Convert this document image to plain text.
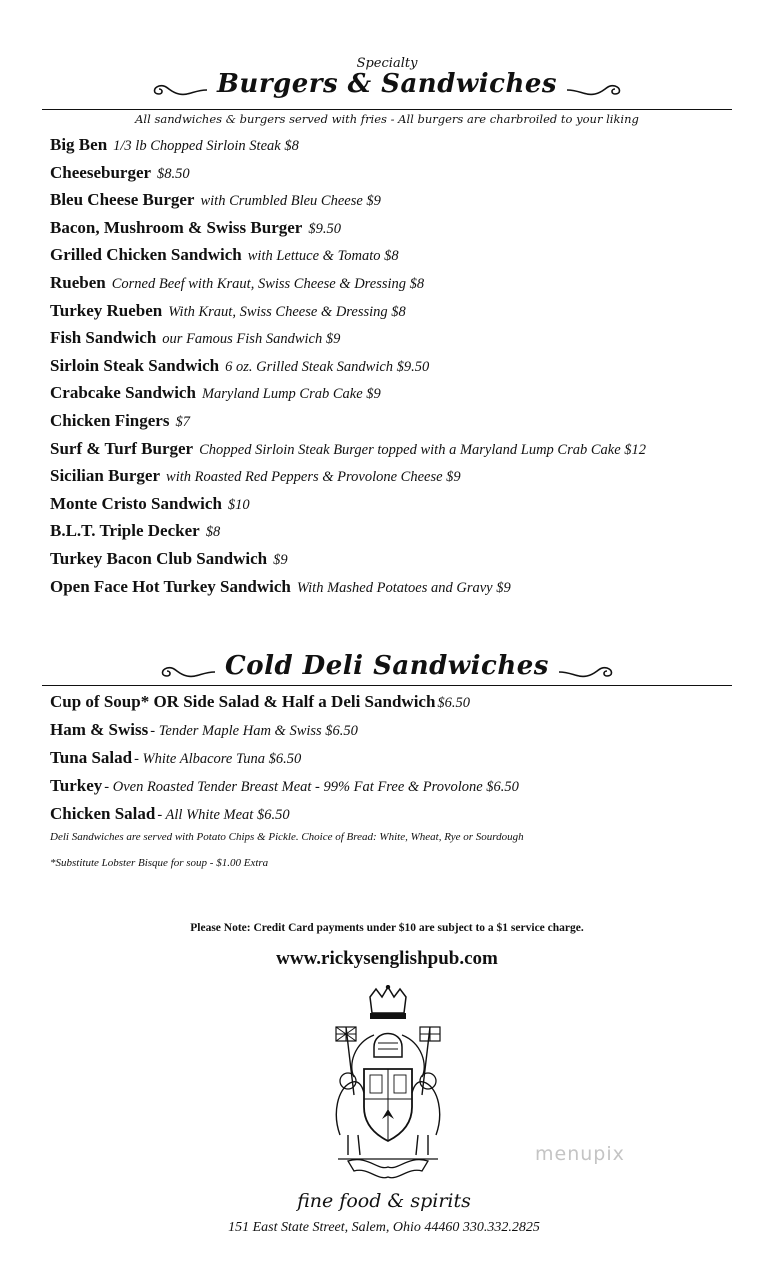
Specialty
Burgers & Sandwiches
All sandwiches & burgers served with fries - All burgers are charbroiled to your liking
Big Ben 1/3 lb Chopped Sirloin Steak $8
Cheeseburger $8.50
Bleu Cheese Burger with Crumbled Bleu Cheese $9
Bacon, Mushroom & Swiss Burger $9.50
Grilled Chicken Sandwich with Lettuce & Tomato $8
Rueben Corned Beef with Kraut, Swiss Cheese & Dressing $8
Turkey Rueben With Kraut, Swiss Cheese & Dressing $8
Fish Sandwich our Famous Fish Sandwich $9
Sirloin Steak Sandwich 6 oz. Grilled Steak Sandwich $9.50
Crabcake Sandwich Maryland Lump Crab Cake $9
Chicken Fingers $7
Surf & Turf Burger Chopped Sirloin Steak Burger topped with a Maryland Lump Crab Cake $12
Sicilian Burger with Roasted Red Peppers & Provolone Cheese $9
Monte Cristo Sandwich $10
B.L.T. Triple Decker $8
Turkey Bacon Club Sandwich $9
Open Face Hot Turkey Sandwich With Mashed Potatoes and Gravy $9
Cold Deli Sandwiches
Cup of Soup* OR Side Salad & Half a Deli Sandwich $6.50
Ham & Swiss - Tender Maple Ham & Swiss $6.50
Tuna Salad - White Albacore Tuna $6.50
Turkey - Oven Roasted Tender Breast Meat - 99% Fat Free & Provolone $6.50
Chicken Salad - All White Meat $6.50
Deli Sandwiches are served with Potato Chips & Pickle. Choice of Bread: White, Wheat, Rye or Sourdough
*Substitute Lobster Bisque for soup - $1.00 Extra
Please Note: Credit Card payments under $10 are subject to a $1 service charge.
www.rickysenglishpub.com
menupix
fine food & spirits
151 East State Street, Salem, Ohio 44460 330.332.2825
